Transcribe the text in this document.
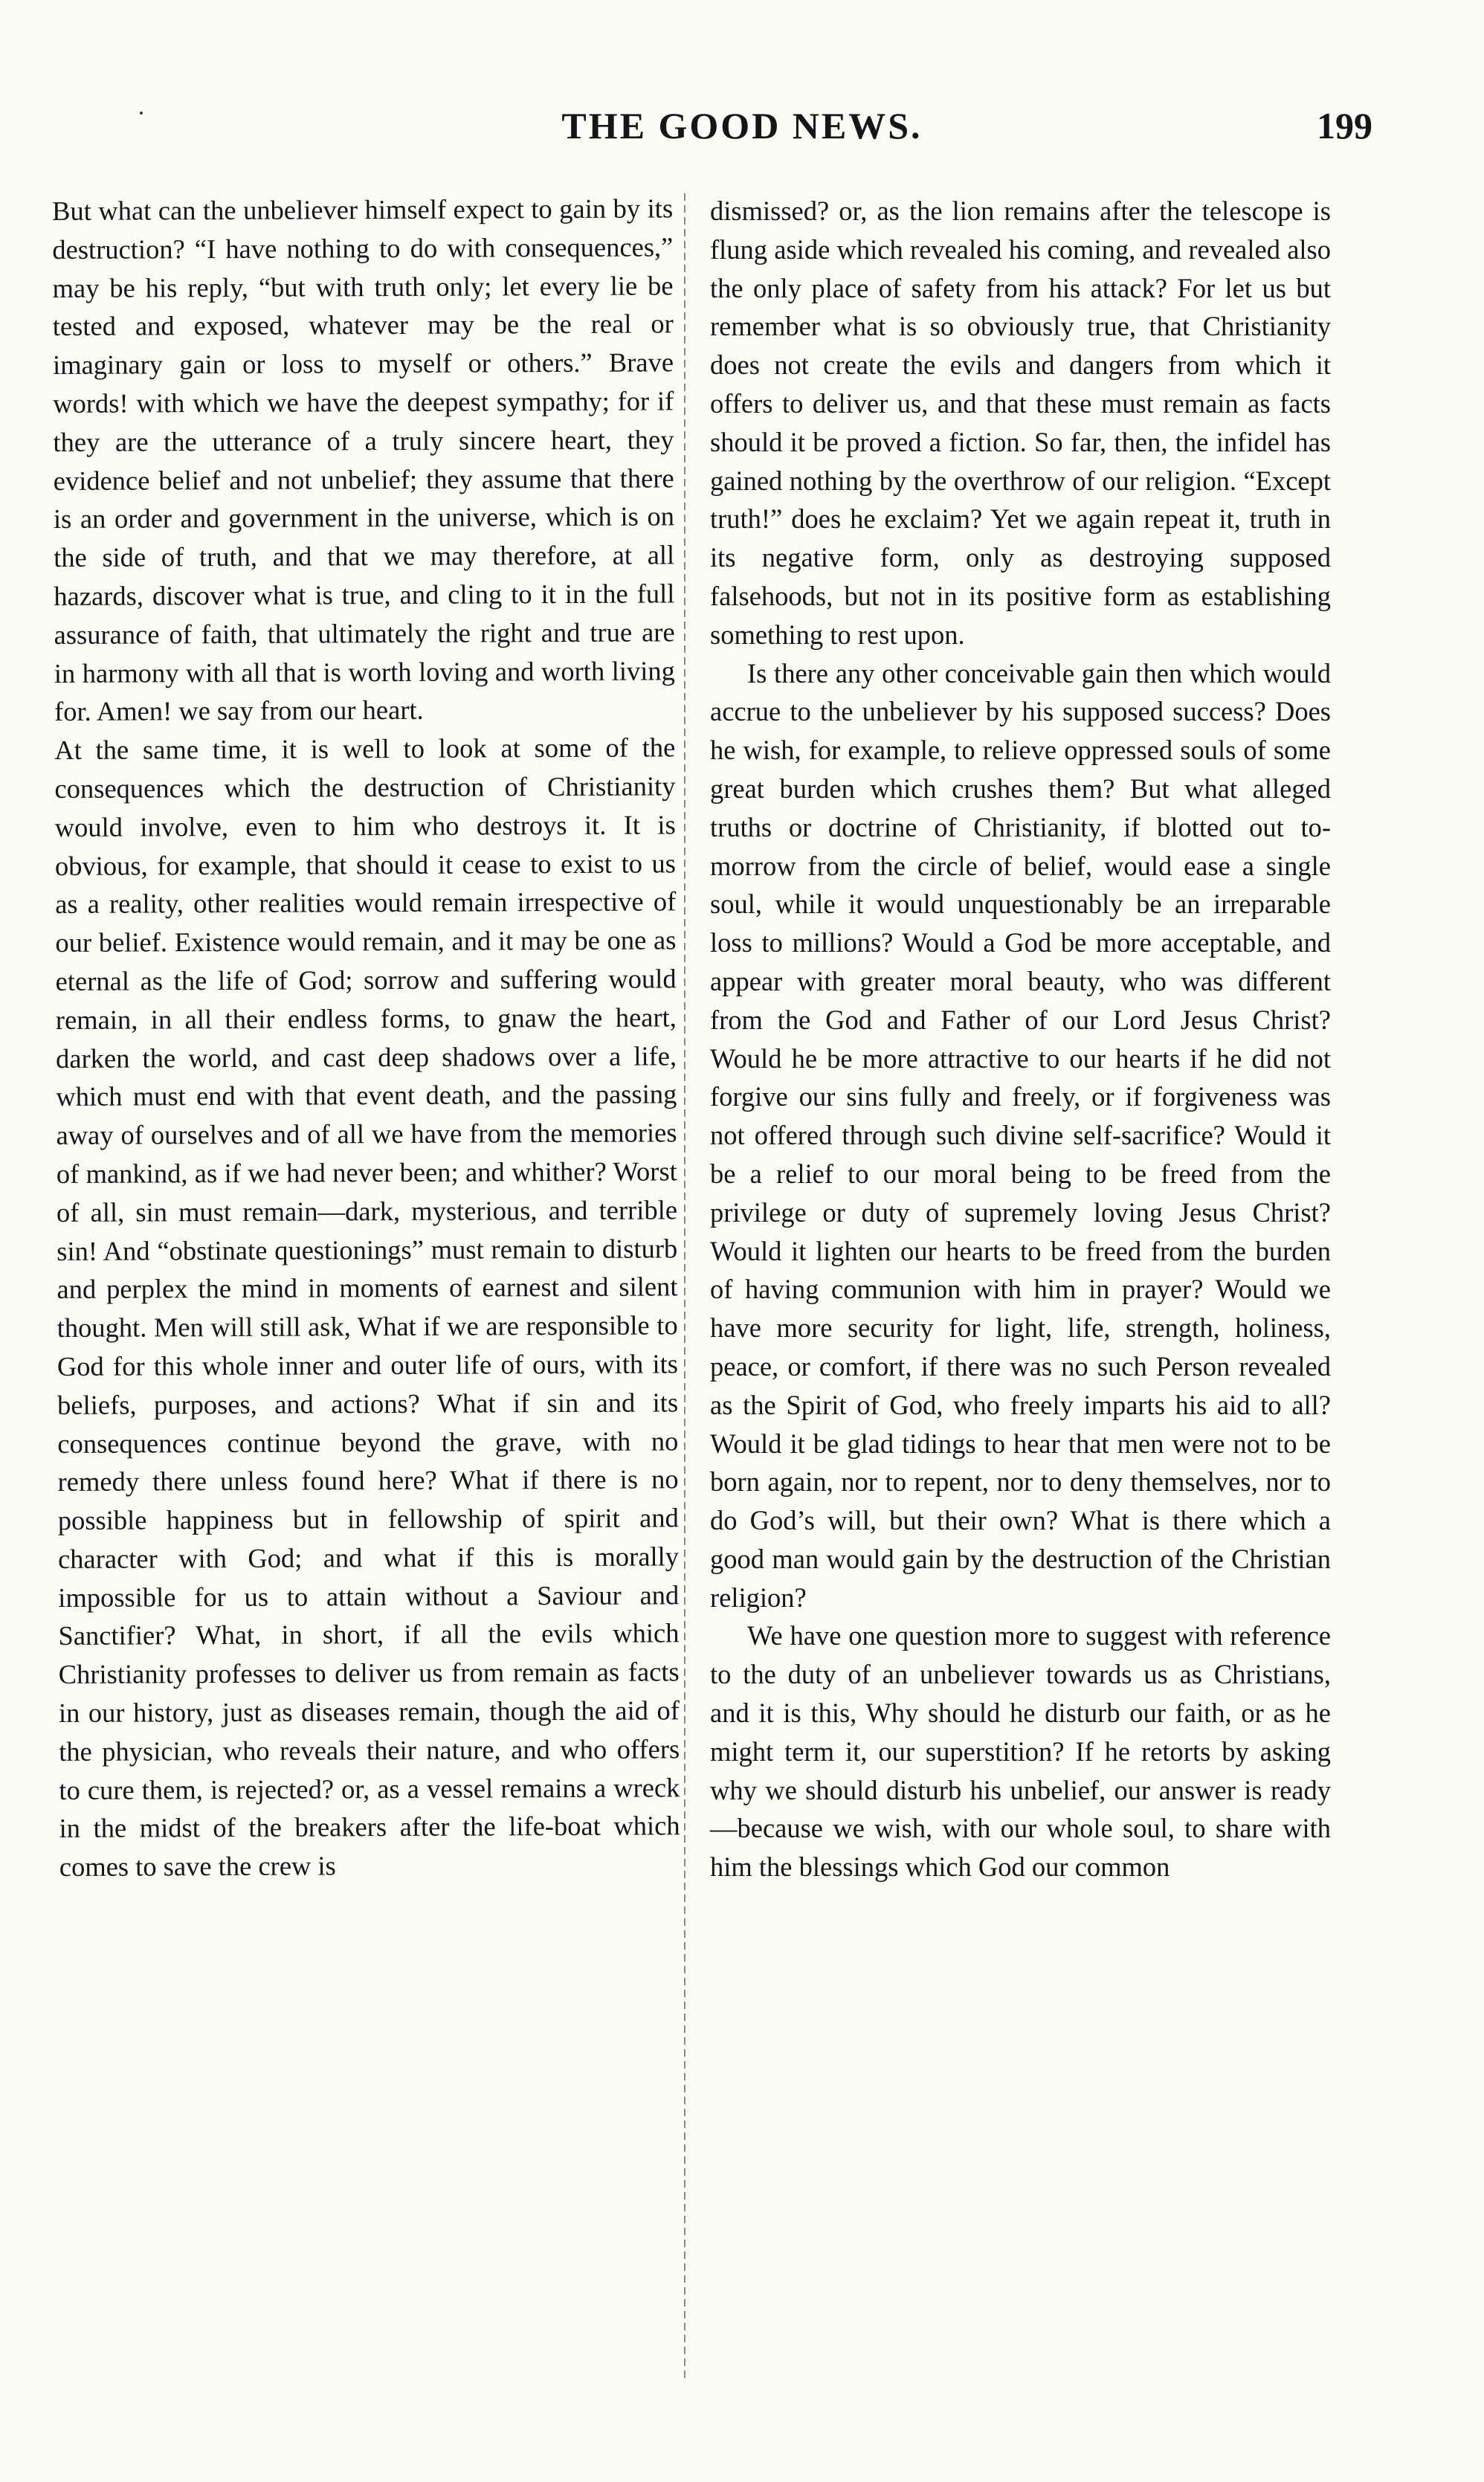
THE GOOD NEWS.	199

But what can the unbeliever himself expect to gain by its destruction? “I have nothing to do with consequences,” may be his reply, “but with truth only; let every lie be tested and exposed, whatever may be the real or imaginary gain or loss to myself or others.” Brave words! with which we have the deepest sympathy; for if they are the utterance of a truly sincere heart, they evidence belief and not unbelief; they assume that there is an order and government in the universe, which is on the side of truth, and that we may therefore, at all hazards, discover what is true, and cling to it in the full assurance of faith, that ultimately the right and true are in harmony with all that is worth loving and worth living for. Amen! we say from our heart.

At the same time, it is well to look at some of the consequences which the destruction of Christianity would involve, even to him who destroys it. It is obvious, for example, that should it cease to exist to us as a reality, other realities would remain irrespective of our belief. Existence would remain, and it may be one as eternal as the life of God; sorrow and suffering would remain, in all their endless forms, to gnaw the heart, darken the world, and cast deep shadows over a life, which must end with that event death, and the passing away of ourselves and of all we have from the memories of mankind, as if we had never been; and whither? Worst of all, sin must remain—dark, mysterious, and terrible sin! And “obstinate questionings” must remain to disturb and perplex the mind in moments of earnest and silent thought. Men will still ask, What if we are responsible to God for this whole inner and outer life of ours, with its beliefs, purposes, and actions? What if sin and its consequences continue beyond the grave, with no remedy there unless found here? What if there is no possible happiness but in fellowship of spirit and character with God; and what if this is morally impossible for us to attain without a Saviour and Sanctifier? What, in short, if all the evils which Christianity professes to deliver us from remain as facts in our history, just as diseases remain, though the aid of the physician, who reveals their nature, and who offers to cure them, is rejected? or, as a vessel remains a wreck in the midst of the breakers after the life-boat which comes to save the crew is

dismissed? or, as the lion remains after the telescope is flung aside which revealed his coming, and revealed also the only place of safety from his attack? For let us but remember what is so obviously true, that Christianity does not create the evils and dangers from which it offers to deliver us, and that these must remain as facts should it be proved a fiction. So far, then, the infidel has gained nothing by the overthrow of our religion. “Except truth!” does he exclaim? Yet we again repeat it, truth in its negative form, only as destroying supposed falsehoods, but not in its positive form as establishing something to rest upon.

Is there any other conceivable gain then which would accrue to the unbeliever by his supposed success? Does he wish, for example, to relieve oppressed souls of some great burden which crushes them? But what alleged truths or doctrine of Christianity, if blotted out to-morrow from the circle of belief, would ease a single soul, while it would unquestionably be an irreparable loss to millions? Would a God be more acceptable, and appear with greater moral beauty, who was different from the God and Father of our Lord Jesus Christ? Would he be more attractive to our hearts if he did not forgive our sins fully and freely, or if forgiveness was not offered through such divine self-sacrifice? Would it be a relief to our moral being to be freed from the privilege or duty of supremely loving Jesus Christ? Would it lighten our hearts to be freed from the burden of having communion with him in prayer? Would we have more security for light, life, strength, holiness, peace, or comfort, if there was no such Person revealed as the Spirit of God, who freely imparts his aid to all? Would it be glad tidings to hear that men were not to be born again, nor to repent, nor to deny themselves, nor to do God’s will, but their own? What is there which a good man would gain by the destruction of the Christian religion?

We have one question more to suggest with reference to the duty of an unbeliever towards us as Christians, and it is this, Why should he disturb our faith, or as he might term it, our superstition? If he retorts by asking why we should disturb his unbelief, our answer is ready—because we wish, with our whole soul, to share with him the blessings which God our common
